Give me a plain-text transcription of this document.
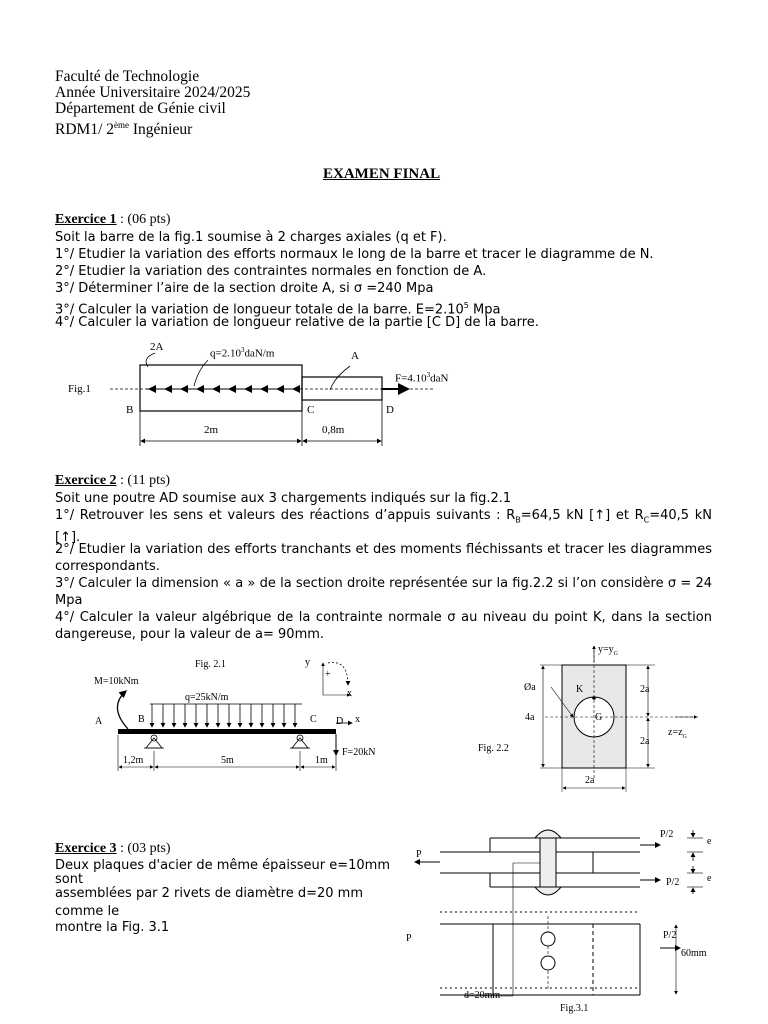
Faculté de Technologie
Année Universitaire 2024/2025
Département de Génie civil
RDM1/ 2ème Ingénieur
EXAMEN FINAL
Exercice 1 : (06 pts)
Soit la barre de la fig.1 soumise à 2 charges axiales (q et F).
1°/ Etudier la variation des efforts normaux le long de la barre et tracer le diagramme de N.
2°/ Etudier la variation des contraintes normales en fonction de A.
3°/ Déterminer l’aire de la section droite A, si σ =240 Mpa
3°/ Calculer la variation de longueur totale de la barre. $E=2.10^5$ Mpa
4°/ Calculer la variation de longueur relative de la partie [C D] de la barre.
Fig.1
2A
$q=2.10^3daN/m$	A
$F=4.10^3daN$
B	C	D
2m	0,8m
Exercice 2 : (11 pts)
Soit une poutre AD soumise aux 3 chargements indiqués sur la fig.2.1
1°/ Retrouver les sens et valeurs des réactions d’appuis suivants : $R_B=64,5$ kN [↑] et $R_C=40,5$ kN [↑].
2°/ Etudier la variation des efforts tranchants et des moments fléchissants et tracer les diagrammes correspondants.
3°/ Calculer la dimension « a » de la section droite représentée sur la fig.2.2 si l’on considère σ = 24 Mpa
4°/ Calculer la valeur algébrique de la contrainte normale σ au niveau du point K, dans la section dangereuse, pour la valeur de a= 90mm.
Fig. 2.1
M=10kNm
q=25kN/m
A	B	C D x
y
+
x
F=20kN
1,2m	5m	1m
$y=y_G$
Øa	K
G
4a
2a
2a
$z=z_G$
2a
Fig. 2.2
Exercice 3 : (03 pts)
Deux plaques d'acier de même épaisseur e=10mm
sont
assemblées par 2 rivets de diamètre d=20 mm
comme le
montre la Fig. 3.1
P/2
P/2
e
e
P
P	P/2
60mm
d=20mm
Fig.3.1
